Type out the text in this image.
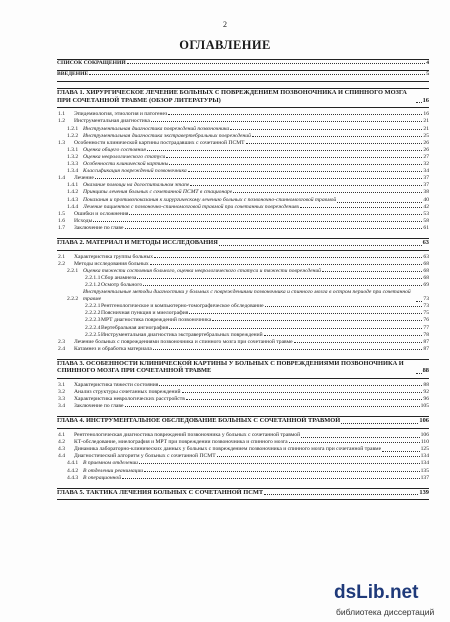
2
ОГЛАВЛЕНИЕ
СПИСОК СОКРАЩЕНИЙ	4
ВВЕДЕНИЕ	5
ГЛАВА 1. ХИРУРГИЧЕСКОЕ ЛЕЧЕНИЕ БОЛЬНЫХ С ПОВРЕЖДЕНИЕМ ПОЗВОНОЧНИКА И СПИННОГО МОЗГА ПРИ СОЧЕТАННОЙ ТРАВМЕ (ОБЗОР ЛИТЕРАТУРЫ)	16
1.1	Эпидемиология, этиология и патогенез	16
1.2	Инструментальная диагностика	21
1.2.1 Инструментальная диагностика повреждений позвоночника	21
1.2.2 Инструментальная диагностика экстравертебральных повреждений	25
1.3	Особенности клинической картины пострадавших с сочетанной ПСМТ	26
1.3.1 Оценка общего состояния	26
1.3.2 Оценка неврологического статуса	27
1.3.3 Особенности клинической картины	32
1.3.4 Классификация повреждений позвоночника	34
1.4	Лечение	37
1.4.1 Оказание помощи на догоспитальном этапе	37
1.4.2 Принципы лечения больных с сочетанной ПСМТ в стационаре	38
1.4.3 Показания и противопоказания к хирургическому лечению больных с позвоночно-спинномозговой травмой	40
1.4.4 Лечение пациентов с позвоночно-спинномозговой травмой при сочетанных повреждениях	42
1.5	Ошибки и осложнения	53
1.6	Исходы	58
1.7	Заключение по главе	61
ГЛАВА 2. МАТЕРИАЛ И МЕТОДЫ ИССЛЕДОВАНИЯ	63
2.1	Характеристика группы больных	63
2.2	Методы исследования больных	68
2.2.1 Оценка тяжести состояния больного, оценка неврологического статуса и тяжести повреждений	68
2.2.1.1 Сбор анамнеза	68
2.2.1.2 Осмотр больного	69
2.2.2
Инструментальные методы диагностики у больных с повреждениями позвоночника и спинного мозга в остром периоде при сочетанной травме	73
2.2.2.1 Рентгенологическое и компьютерно-томографическое обследование	73
2.2.2.2 Поясничная пункция и миелография	75
2.2.2.3 МРТ диагностика повреждений позвоночника	76
2.2.2.4 Вертебральная ангиография	77
2.2.2.5 Инструментальная диагностика экстравертебральных повреждений	78
2.3	Лечение больных с повреждениями позвоночника и спинного мозга при сочетанной травме	87
2.4	Катамнез и обработка материала	87
ГЛАВА 3. ОСОБЕННОСТИ КЛИНИЧЕСКОЙ КАРТИНЫ У БОЛЬНЫХ С ПОВРЕЖДЕНИЯМИ ПОЗВОНОЧНИКА И СПИННОГО МОЗГА ПРИ СОЧЕТАННОЙ ТРАВМЕ	88
3.1	Характеристика тяжести состояния	88
3.2	Анализ структуры сочетанных повреждений	92
3.3	Характеристика неврологических расстройств	96
3.4	Заключение по главе	105
ГЛАВА 4. ИНСТРУМЕНТАЛЬНОЕ ОБСЛЕДОВАНИЕ БОЛЬНЫХ С СОЧЕТАННОЙ ТРАВМОЙ	106
4.1	Рентгенологическая диагностика повреждений позвоночника у больных с сочетанной травмой	106
4.2	КТ-обследование, миелография и МРТ при повреждении позвоночника и спинного мозга	110
4.3	Динамика лабораторно-клинических данных у больных с повреждением позвоночника и спинного мозга при сочетанной травме	125
4.4	Диагностический алгоритм у больных с сочетанной ПСМТ	134
4.4.1 В приемном отделении	134
4.4.2 В отделении реанимации	135
4.4.3 В операционной	137
ГЛАВА 5. ТАКТИКА ЛЕЧЕНИЯ БОЛЬНЫХ С СОЧЕТАННОЙ ПСМТ	139
dsLib.net
библиотека диссертаций
